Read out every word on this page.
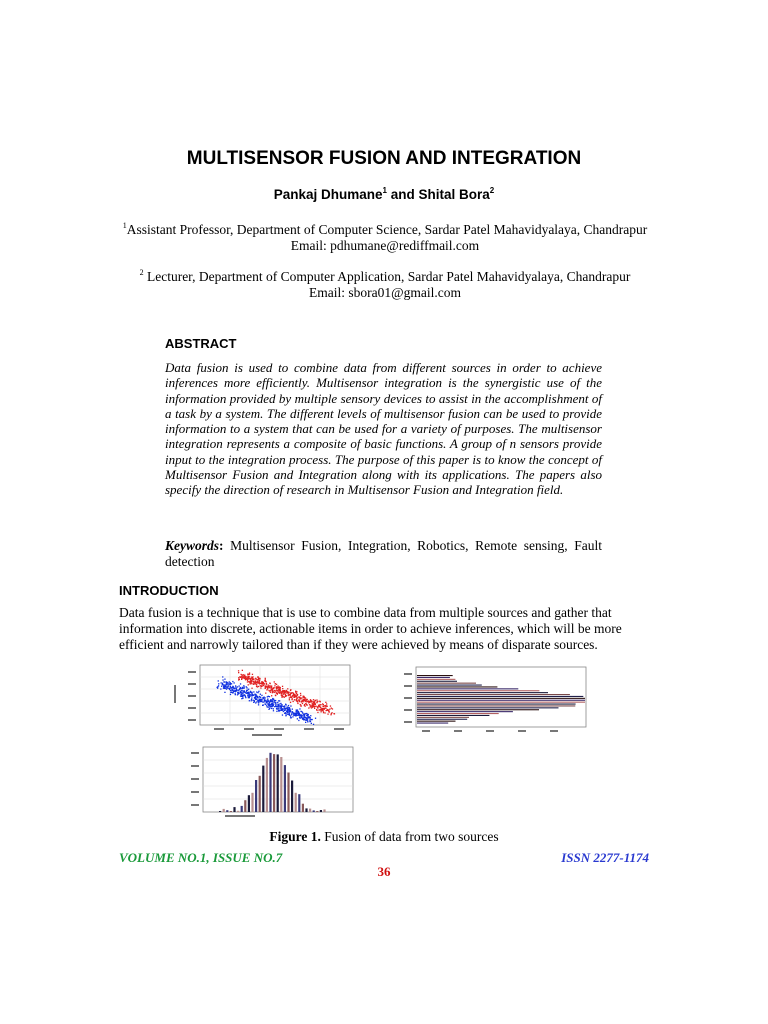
MULTISENSOR FUSION AND INTEGRATION
Pankaj Dhumane$^1$ and Shital Bora$^2$
$^1$Assistant Professor, Department of Computer Science, Sardar Patel Mahavidyalaya, Chandrapur
Email: pdhumane@rediffmail.com
$^2$ Lecturer, Department of Computer Application, Sardar Patel Mahavidyalaya, Chandrapur
Email: sbora01@gmail.com
ABSTRACT

Data fusion is used to combine data from different sources in order to achieve inferences more efficiently. Multisensor integration is the synergistic use of the information provided by multiple sensory devices to assist in the accomplishment of a task by a system. The different levels of multisensor fusion can be used to provide information to a system that can be used for a variety of purposes. The multisensor integration represents a composite of basic functions. A group of n sensors provide input to the integration process. The purpose of this paper is to know the concept of Multisensor Fusion and Integration along with its applications. The papers also specify the direction of research in Multisensor Fusion and Integration field.

Keywords: Multisensor Fusion, Integration, Robotics, Remote sensing, Fault detection
INTRODUCTION
Data fusion is a technique that is use to combine data from multiple sources and gather that information into discrete, actionable items in order to achieve inferences, which will be more efficient and narrowly tailored than if they were achieved by means of disparate sources.
Figure 1. Fusion of data from two sources
VOLUME NO.1, ISSUE NO.7	ISSN 2277-1174
36
